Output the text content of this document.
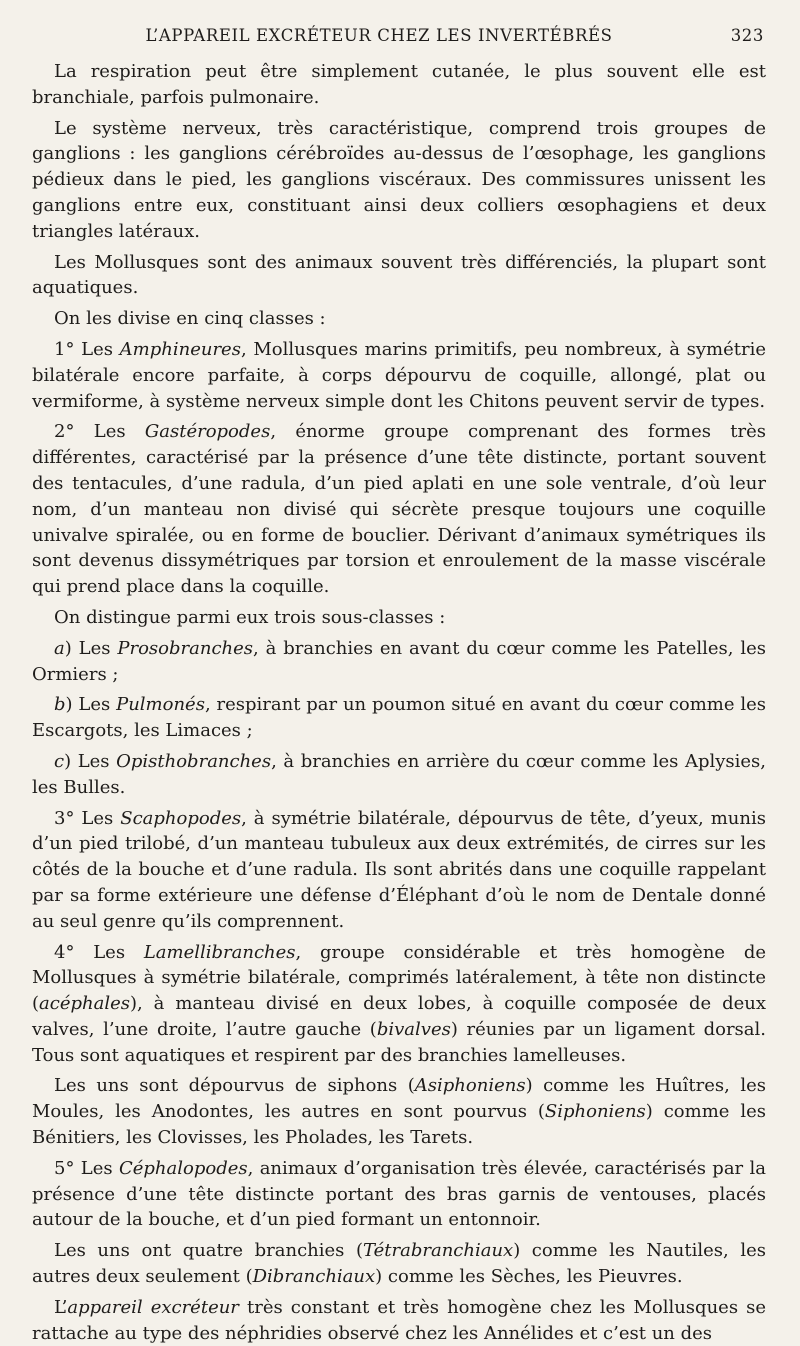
L’APPAREIL EXCRÉTEUR CHEZ LES INVERTÉBRÉS	323

La respiration peut être simplement cutanée, le plus souvent elle est branchiale, parfois pulmonaire.

Le système nerveux, très caractéristique, comprend trois groupes de ganglions : les ganglions cérébroïdes au-dessus de l’œsophage, les ganglions pédieux dans le pied, les ganglions viscéraux. Des commissures unissent les ganglions entre eux, constituant ainsi deux colliers œsophagiens et deux triangles latéraux.

Les Mollusques sont des animaux souvent très différenciés, la plupart sont aquatiques.

On les divise en cinq classes :

1° Les Amphineures, Mollusques marins primitifs, peu nombreux, à symétrie bilatérale encore parfaite, à corps dépourvu de coquille, allongé, plat ou vermiforme, à système nerveux simple dont les Chitons peuvent servir de types.

2° Les Gastéropodes, énorme groupe comprenant des formes très différentes, caractérisé par la présence d’une tête distincte, portant souvent des tentacules, d’une radula, d’un pied aplati en une sole ventrale, d’où leur nom, d’un manteau non divisé qui sécrète presque toujours une coquille univalve spiralée, ou en forme de bouclier. Dérivant d’animaux symétriques ils sont devenus dissymétriques par torsion et enroulement de la masse viscérale qui prend place dans la coquille.

On distingue parmi eux trois sous-classes :

a) Les Prosobranches, à branchies en avant du cœur comme les Patelles, les Ormiers ;

b) Les Pulmonés, respirant par un poumon situé en avant du cœur comme les Escargots, les Limaces ;

c) Les Opisthobranches, à branchies en arrière du cœur comme les Aplysies, les Bulles.

3° Les Scaphopodes, à symétrie bilatérale, dépourvus de tête, d’yeux, munis d’un pied trilobé, d’un manteau tubuleux aux deux extrémités, de cirres sur les côtés de la bouche et d’une radula. Ils sont abrités dans une coquille rappelant par sa forme extérieure une défense d’Éléphant d’où le nom de Dentale donné au seul genre qu’ils comprennent.

4° Les Lamellibranches, groupe considérable et très homogène de Mollusques à symétrie bilatérale, comprimés latéralement, à tête non distincte (acéphales), à manteau divisé en deux lobes, à coquille composée de deux valves, l’une droite, l’autre gauche (bivalves) réunies par un ligament dorsal. Tous sont aquatiques et respirent par des branchies lamelleuses.

Les uns sont dépourvus de siphons (Asiphoniens) comme les Huîtres, les Moules, les Anodontes, les autres en sont pourvus (Siphoniens) comme les Bénitiers, les Clovisses, les Pholades, les Tarets.

5° Les Céphalopodes, animaux d’organisation très élevée, caractérisés par la présence d’une tête distincte portant des bras garnis de ventouses, placés autour de la bouche, et d’un pied formant un entonnoir.

Les uns ont quatre branchies (Tétrabranchiaux) comme les Nautiles, les autres deux seulement (Dibranchiaux) comme les Sèches, les Pieuvres.

L’appareil excréteur très constant et très homogène chez les Mollusques se rattache au type des néphridies observé chez les Annélides et c’est un des
